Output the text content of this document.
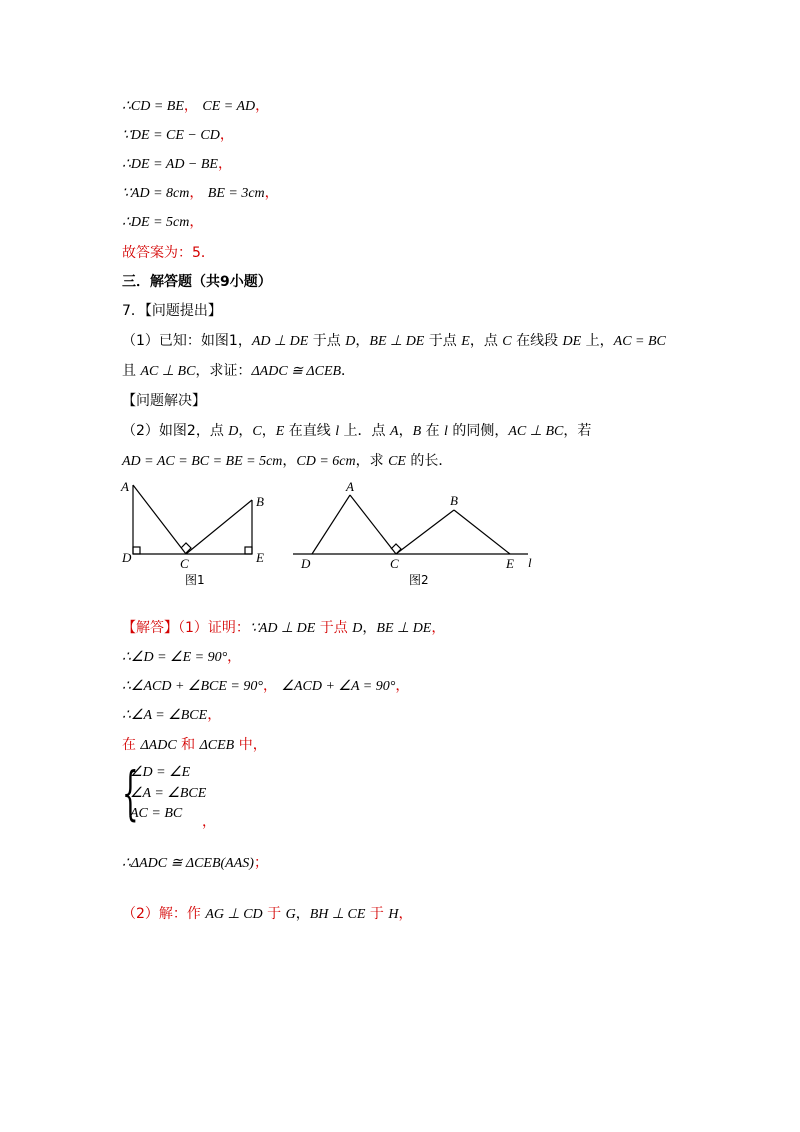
∴CD = BE， CE = AD，
∵DE = CE − CD，
∴DE = AD − BE，
∵AD = 8cm， BE = 3cm，
∴DE = 5cm，
故答案为：5．
三．解答题（共9小题）
7．【问题提出】
（1）已知：如图1，AD ⊥ DE 于点 D，BE ⊥ DE 于点 E，点 C 在线段 DE 上，AC = BC
且 AC ⊥ BC，求证：ΔADC ≅ ΔCEB．
【问题解决】
（2）如图2，点 D，C，E 在直线 l 上．点 A，B 在 l 的同侧，AC ⊥ BC，若
AD = AC = BC = BE = 5cm，CD = 6cm，求 CE 的长．
A
B
D	C	E
图1
A
B
D	C	E l
图2
【解答】（1）证明：∵AD ⊥ DE 于点 D，BE ⊥ DE，
∴∠D = ∠E = 90°，
∴∠ACD + ∠BCE = 90°， ∠ACD + ∠A = 90°，
∴∠A = ∠BCE，
在 ΔADC 和 ΔCEB 中，
{
∠D = ∠E
∠A = ∠BCE
AC = BC
，
∴ΔADC ≅ ΔCEB(AAS)；
（2）解：作 AG ⊥ CD 于 G，BH ⊥ CE 于 H，
